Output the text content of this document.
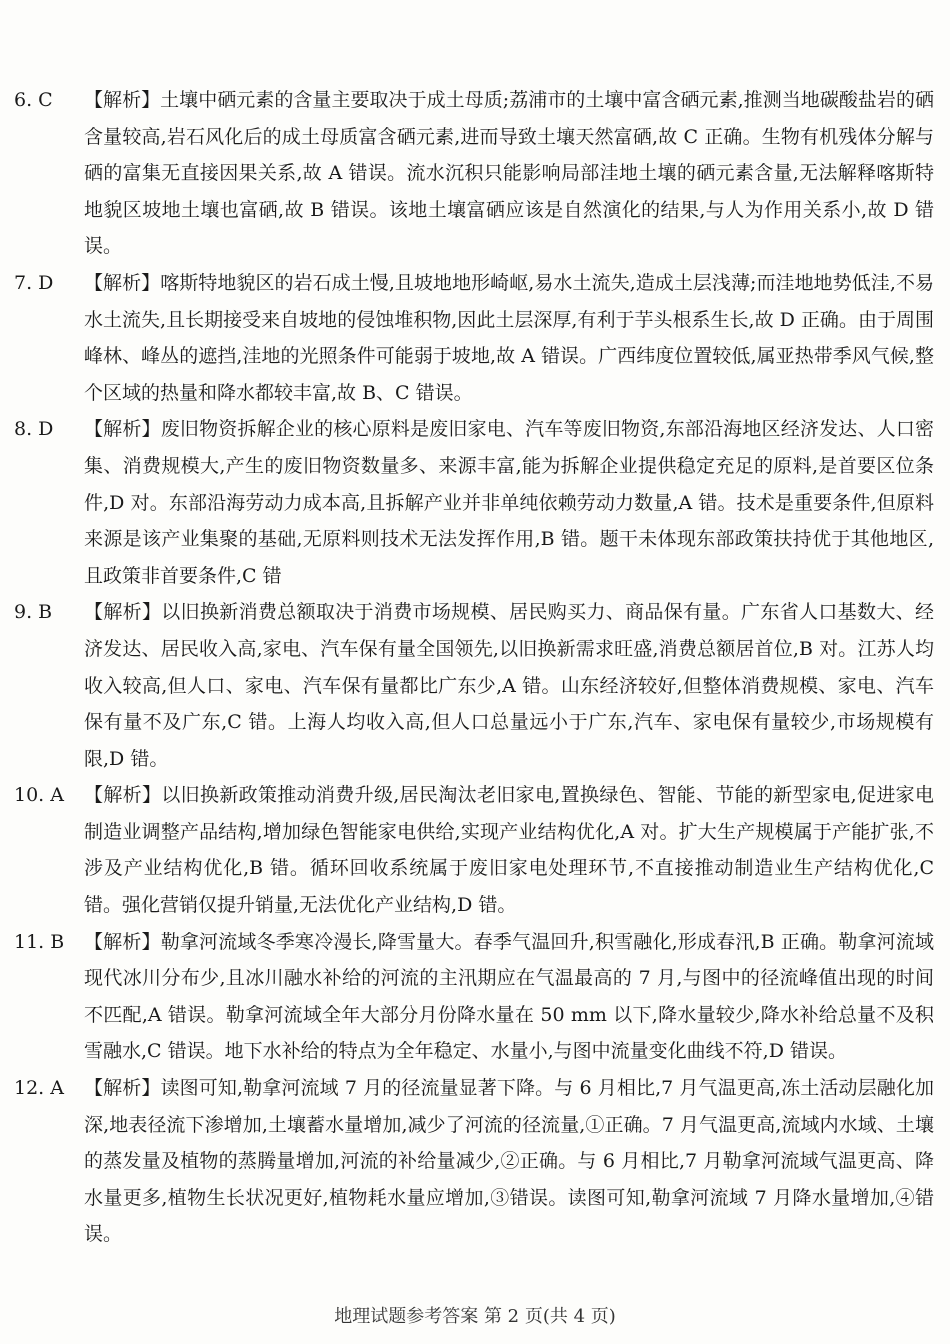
6. C 【解析】土壤中硒元素的含量主要取决于成土母质;荔浦市的土壤中富含硒元素,推测当地碳酸盐岩的硒含量较高,岩石风化后的成土母质富含硒元素,进而导致土壤天然富硒,故 C 正确。生物有机残体分解与硒的富集无直接因果关系,故 A 错误。流水沉积只能影响局部洼地土壤的硒元素含量,无法解释喀斯特地貌区坡地土壤也富硒,故 B 错误。该地土壤富硒应该是自然演化的结果,与人为作用关系小,故 D 错误。
7. D 【解析】喀斯特地貌区的岩石成土慢,且坡地地形崎岖,易水土流失,造成土层浅薄;而洼地地势低洼,不易水土流失,且长期接受来自坡地的侵蚀堆积物,因此土层深厚,有利于芋头根系生长,故 D 正确。由于周围峰林、峰丛的遮挡,洼地的光照条件可能弱于坡地,故 A 错误。广西纬度位置较低,属亚热带季风气候,整个区域的热量和降水都较丰富,故 B、C 错误。
8. D 【解析】废旧物资拆解企业的核心原料是废旧家电、汽车等废旧物资,东部沿海地区经济发达、人口密集、消费规模大,产生的废旧物资数量多、来源丰富,能为拆解企业提供稳定充足的原料,是首要区位条件,D 对。东部沿海劳动力成本高,且拆解产业并非单纯依赖劳动力数量,A 错。技术是重要条件,但原料来源是该产业集聚的基础,无原料则技术无法发挥作用,B 错。题干未体现东部政策扶持优于其他地区,且政策非首要条件,C 错
9. B 【解析】以旧换新消费总额取决于消费市场规模、居民购买力、商品保有量。广东省人口基数大、经济发达、居民收入高,家电、汽车保有量全国领先,以旧换新需求旺盛,消费总额居首位,B 对。江苏人均收入较高,但人口、家电、汽车保有量都比广东少,A 错。山东经济较好,但整体消费规模、家电、汽车保有量不及广东,C 错。上海人均收入高,但人口总量远小于广东,汽车、家电保有量较少,市场规模有限,D 错。
10. A 【解析】以旧换新政策推动消费升级,居民淘汰老旧家电,置换绿色、智能、节能的新型家电,促进家电制造业调整产品结构,增加绿色智能家电供给,实现产业结构优化,A 对。扩大生产规模属于产能扩张,不涉及产业结构优化,B 错。循环回收系统属于废旧家电处理环节,不直接推动制造业生产结构优化,C 错。强化营销仅提升销量,无法优化产业结构,D 错。
11. B 【解析】勒拿河流域冬季寒冷漫长,降雪量大。春季气温回升,积雪融化,形成春汛,B 正确。勒拿河流域现代冰川分布少,且冰川融水补给的河流的主汛期应在气温最高的 7 月,与图中的径流峰值出现的时间不匹配,A 错误。勒拿河流域全年大部分月份降水量在 50 mm 以下,降水量较少,降水补给总量不及积雪融水,C 错误。地下水补给的特点为全年稳定、水量小,与图中流量变化曲线不符,D 错误。
12. A 【解析】读图可知,勒拿河流域 7 月的径流量显著下降。与 6 月相比,7 月气温更高,冻土活动层融化加深,地表径流下渗增加,土壤蓄水量增加,减少了河流的径流量,①正确。7 月气温更高,流域内水域、土壤的蒸发量及植物的蒸腾量增加,河流的补给量减少,②正确。与 6 月相比,7 月勒拿河流域气温更高、降水量更多,植物生长状况更好,植物耗水量应增加,③错误。读图可知,勒拿河流域 7 月降水量增加,④错误。
地理试题参考答案 第 2 页(共 4 页)
